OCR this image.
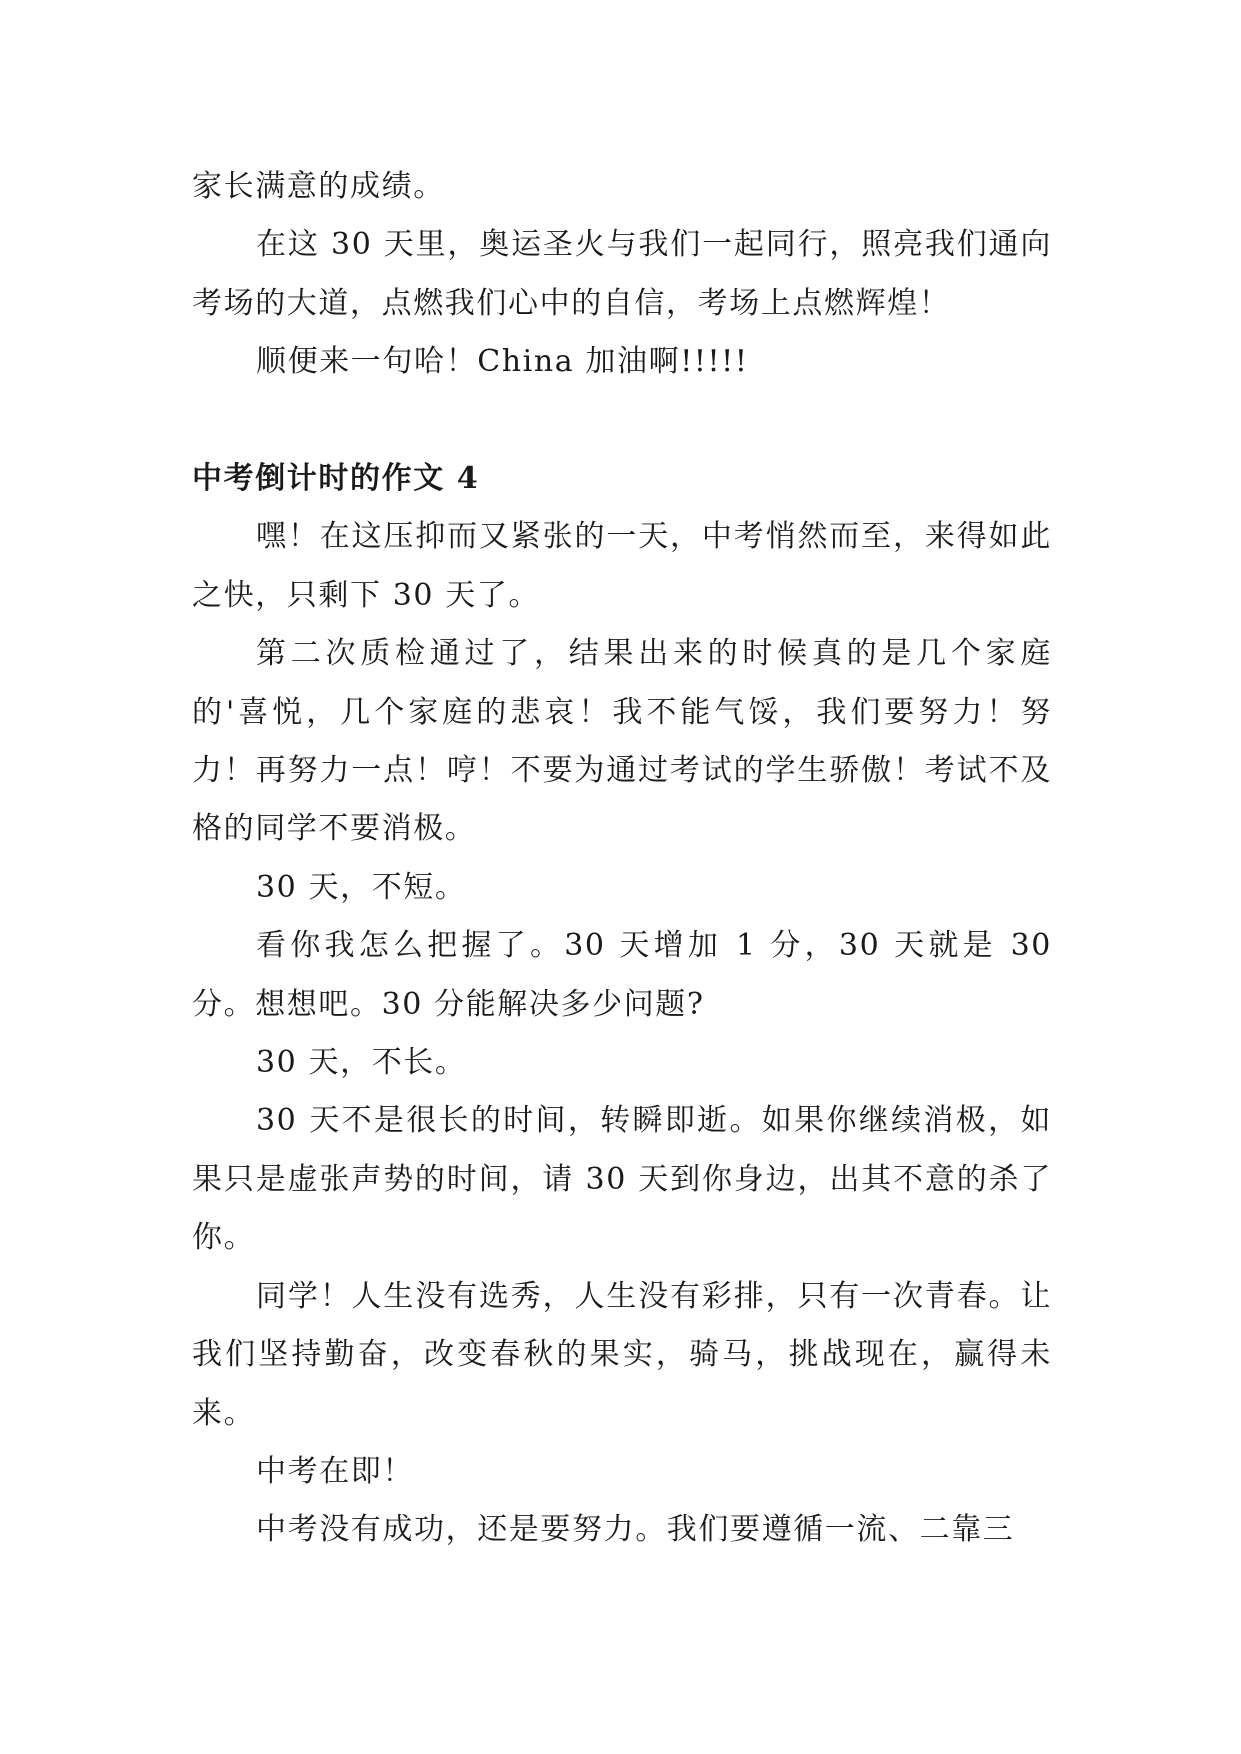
家长满意的成绩。

在这 30 天里，奥运圣火与我们一起同行，照亮我们通向考场的大道，点燃我们心中的自信，考场上点燃辉煌！

顺便来一句哈！China 加油啊!!!!!

中考倒计时的作文 4

嘿！在这压抑而又紧张的一天，中考悄然而至，来得如此之快，只剩下 30 天了。

第二次质检通过了，结果出来的时候真的是几个家庭的'喜悦，几个家庭的悲哀！我不能气馁，我们要努力！努力！再努力一点！哼！不要为通过考试的学生骄傲！考试不及格的同学不要消极。

30 天，不短。

看你我怎么把握了。30 天增加 1 分，30 天就是 30 分。想想吧。30 分能解决多少问题?

30 天，不长。

30 天不是很长的时间，转瞬即逝。如果你继续消极，如果只是虚张声势的时间，请 30 天到你身边，出其不意的杀了你。

同学！人生没有选秀，人生没有彩排，只有一次青春。让我们坚持勤奋，改变春秋的果实，骑马，挑战现在，赢得未来。

中考在即！

中考没有成功，还是要努力。我们要遵循一流、二靠三
